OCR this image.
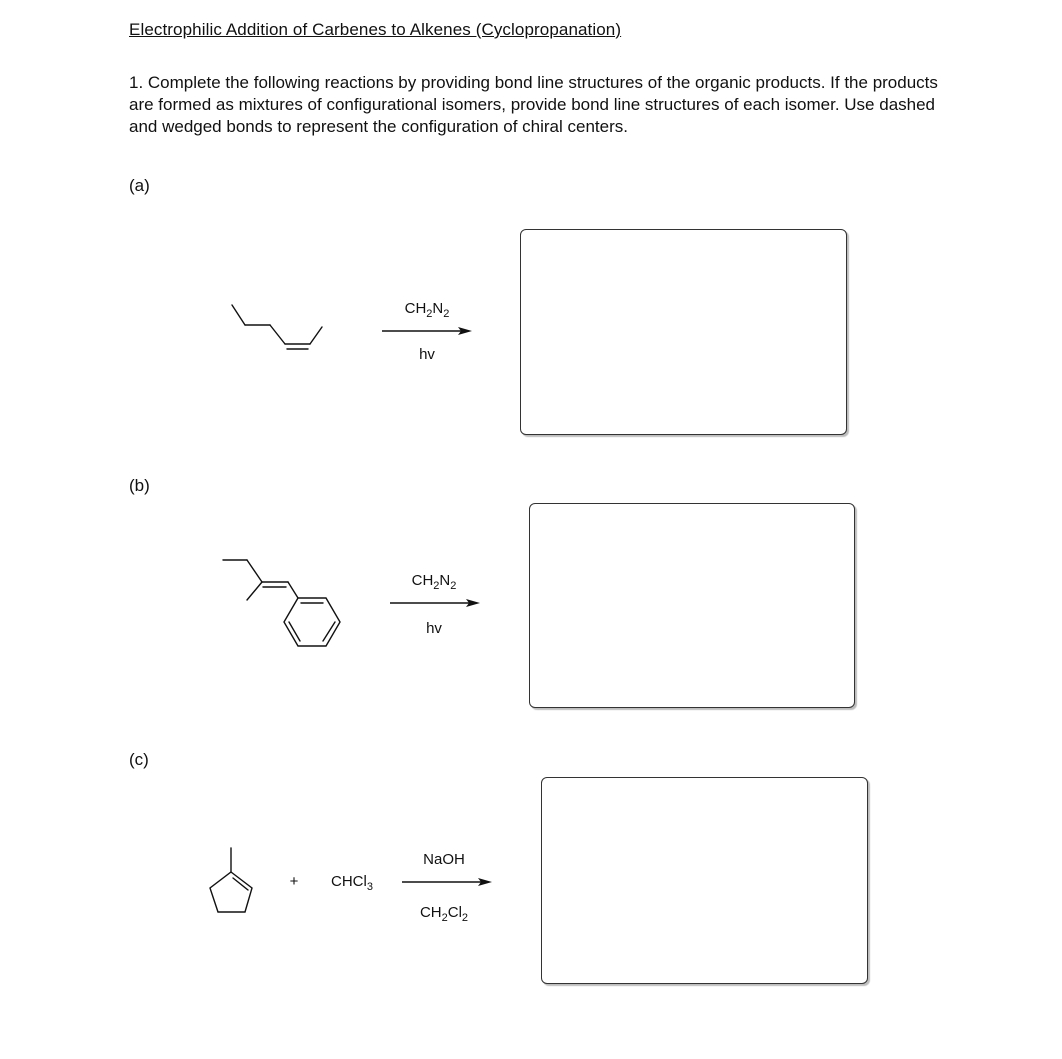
Electrophilic Addition of Carbenes to Alkenes (Cyclopropanation)
1. Complete the following reactions by providing bond line structures of the organic products. If the products are formed as mixtures of configurational isomers, provide bond line structures of each isomer. Use dashed and wedged bonds to represent the configuration of chiral centers.
(a)
(b)
(c)
$CH_2N_2$
hv
$CH_2N_2$
hv
+ CHCl$_3$
NaOH
$CH_2Cl_2$
